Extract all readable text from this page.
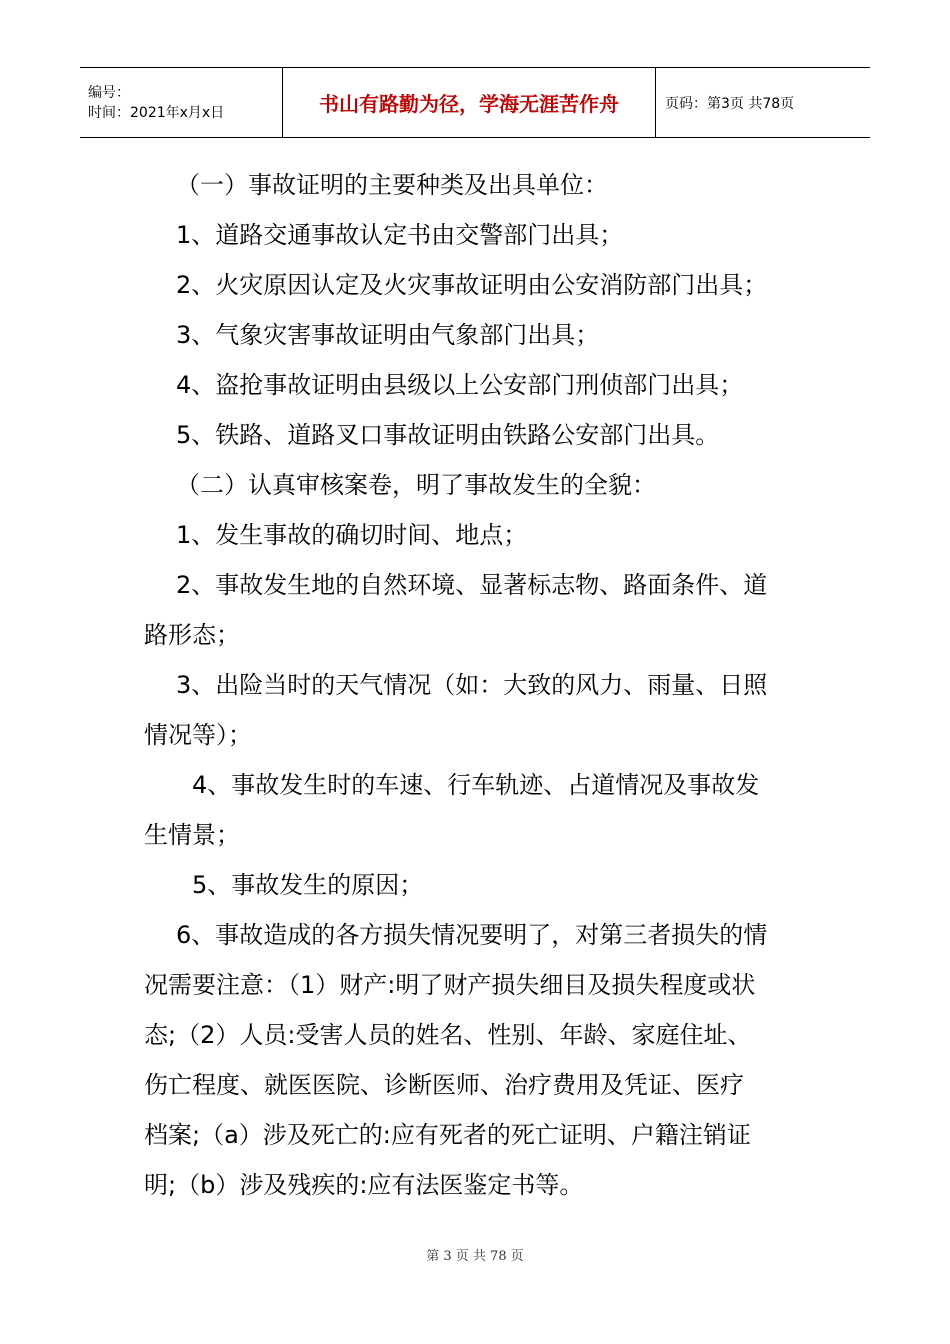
编号：
时间：2021年x月x日	书山有路勤为径，学海无涯苦作舟	页码：第3页 共78页
（一）事故证明的主要种类及出具单位：
1、道路交通事故认定书由交警部门出具；
2、火灾原因认定及火灾事故证明由公安消防部门出具；
3、气象灾害事故证明由气象部门出具；
4、盗抢事故证明由县级以上公安部门刑侦部门出具；
5、铁路、道路叉口事故证明由铁路公安部门出具。
（二）认真审核案卷，明了事故发生的全貌：
1、发生事故的确切时间、地点；
2、事故发生地的自然环境、显著标志物、路面条件、道
路形态；
3、出险当时的天气情况（如：大致的风力、雨量、日照
情况等）；
4、事故发生时的车速、行车轨迹、占道情况及事故发
生情景；
5、事故发生的原因；
6、事故造成的各方损失情况要明了，对第三者损失的情
况需要注意：（1）财产:明了财产损失细目及损失程度或状
态;（2）人员:受害人员的姓名、性别、年龄、家庭住址、
伤亡程度、就医医院、诊断医师、治疗费用及凭证、医疗
档案;（a）涉及死亡的:应有死者的死亡证明、户籍注销证
明;（b）涉及残疾的:应有法医鉴定书等。
第 3 页 共 78 页
